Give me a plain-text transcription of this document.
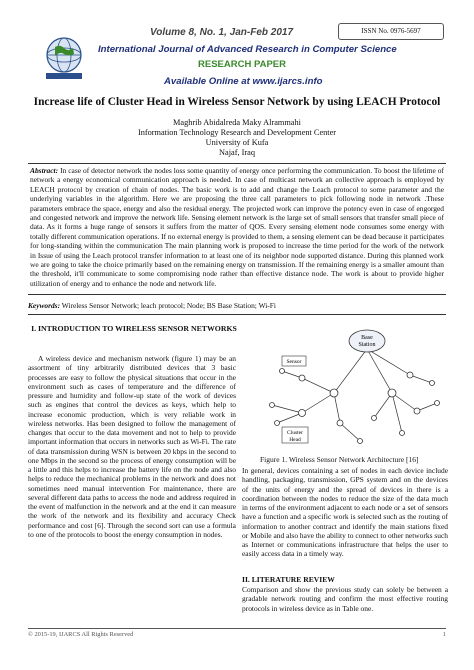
ISSN No. 0976-5697
Volume 8, No. 1, Jan-Feb 2017
International Journal of Advanced Research in Computer Science
RESEARCH PAPER
Available Online at www.ijarcs.info
Increase life of Cluster Head in Wireless Sensor Network by using LEACH Protocol
Maghrib Abidalreda Maky Alrammahi
Information Technology Research and Development Center
University of Kufa
Najaf, Iraq
Abstract: In case of detector network the nodes loss some quantity of energy once performing the communication. To boost the lifetime of network a energy economical communication approach is needed. In case of multicast network an collective approach is employed by LEACH protocol by creation of chain of nodes. The basic work is to add and change the Leach protocol to some parameter and the underlying variables in the algorithm. Here we are proposing the three call parameters to pick following node in network .These parameters embrace the space, energy and also the residual energy. The projected work can improve the potency even in case of engorged and congested network and improve the network life. Sensing element network is the large set of small sensors that transfer small piece of data. As it forms a huge range of sensors it suffers from the matter of QOS. Every sensing element node consumes some energy with totally different communication operations. If no external energy is provided to them, a sensing element can be dead because it participates for long-standing within the communication The main planning work is proposed to increase the time period for the work of the network in Issue of using the Leach protocol transfer information to at least one of its neighbor node supported distance. During this planned work we are going to take the choice primarily based on the remaining energy on transmission. If the remaining energy is a smaller amount than the threshold, it'll communicate to some compromising node rather than effective distance node. The work is about to provide higher utilization of energy and to enhance the node and network life.
Keywords: Wireless Sensor Network; leach protocol; Node; BS Base Station; Wi-Fi
I. INTRODUCTION TO WIRELESS SENSOR NETWORKS
A wireless device and mechanism network (figure 1) may be an assortment of tiny arbitrarily distributed devices that 3 basic processes are easy to follow the physical situations that occur in the environment such as cases of temperature and the difference of pressure and humidity and follow-up state of the work of devices such as engines that control the devices as keys, which help to increase economic production, which is very reliable work in wireless networks. Has been designed to follow the management of changes that occur to the data movement and not to help to provide important information that occurs in networks such as Wi-Fi. The rate of data transmission during WSN is between 20 kbps in the second to one Mbps in the second so the process of energy consumption will be a little and this helps to increase the battery life on the node and also helps to reduce the mechanical problems in the network and does not sometimes need manual intervention For maintenance, there are several different data paths to access the node and address required in the event of malfunction in the network and at the end it can measure the work of the network and its flexibility and accuracy Check performance and cost [6]. Through the second sort can use a formula to one of the protocols to boost the energy consumption in nodes.
Base
Station
Sensor
Cluster
Head
Figure 1. Wireless Sensor Network Architecture [16]
In general, devices containing a set of nodes in each device include handling, packaging, transmission, GPS system and on the devices of the units of energy and the spread of devices in there is a coordination between the nodes to reduce the size of the data much in terms of the environment adjacent to each node or a set of sensors have a function and a specific work is selected such as the routing of information to another contract and identify the main stations fixed or Mobile and also have the ability to connect to other networks such as Internet or communications infrastructure that helps the user to easily access data in a timely way.
II. LITERATURE REVIEW
Comparison and show the previous study can solely be between a gradable network routing and confirm the most effective routing protocols in wireless device as in Table one.
© 2015-19, IJARCS All Rights Reserved	1
